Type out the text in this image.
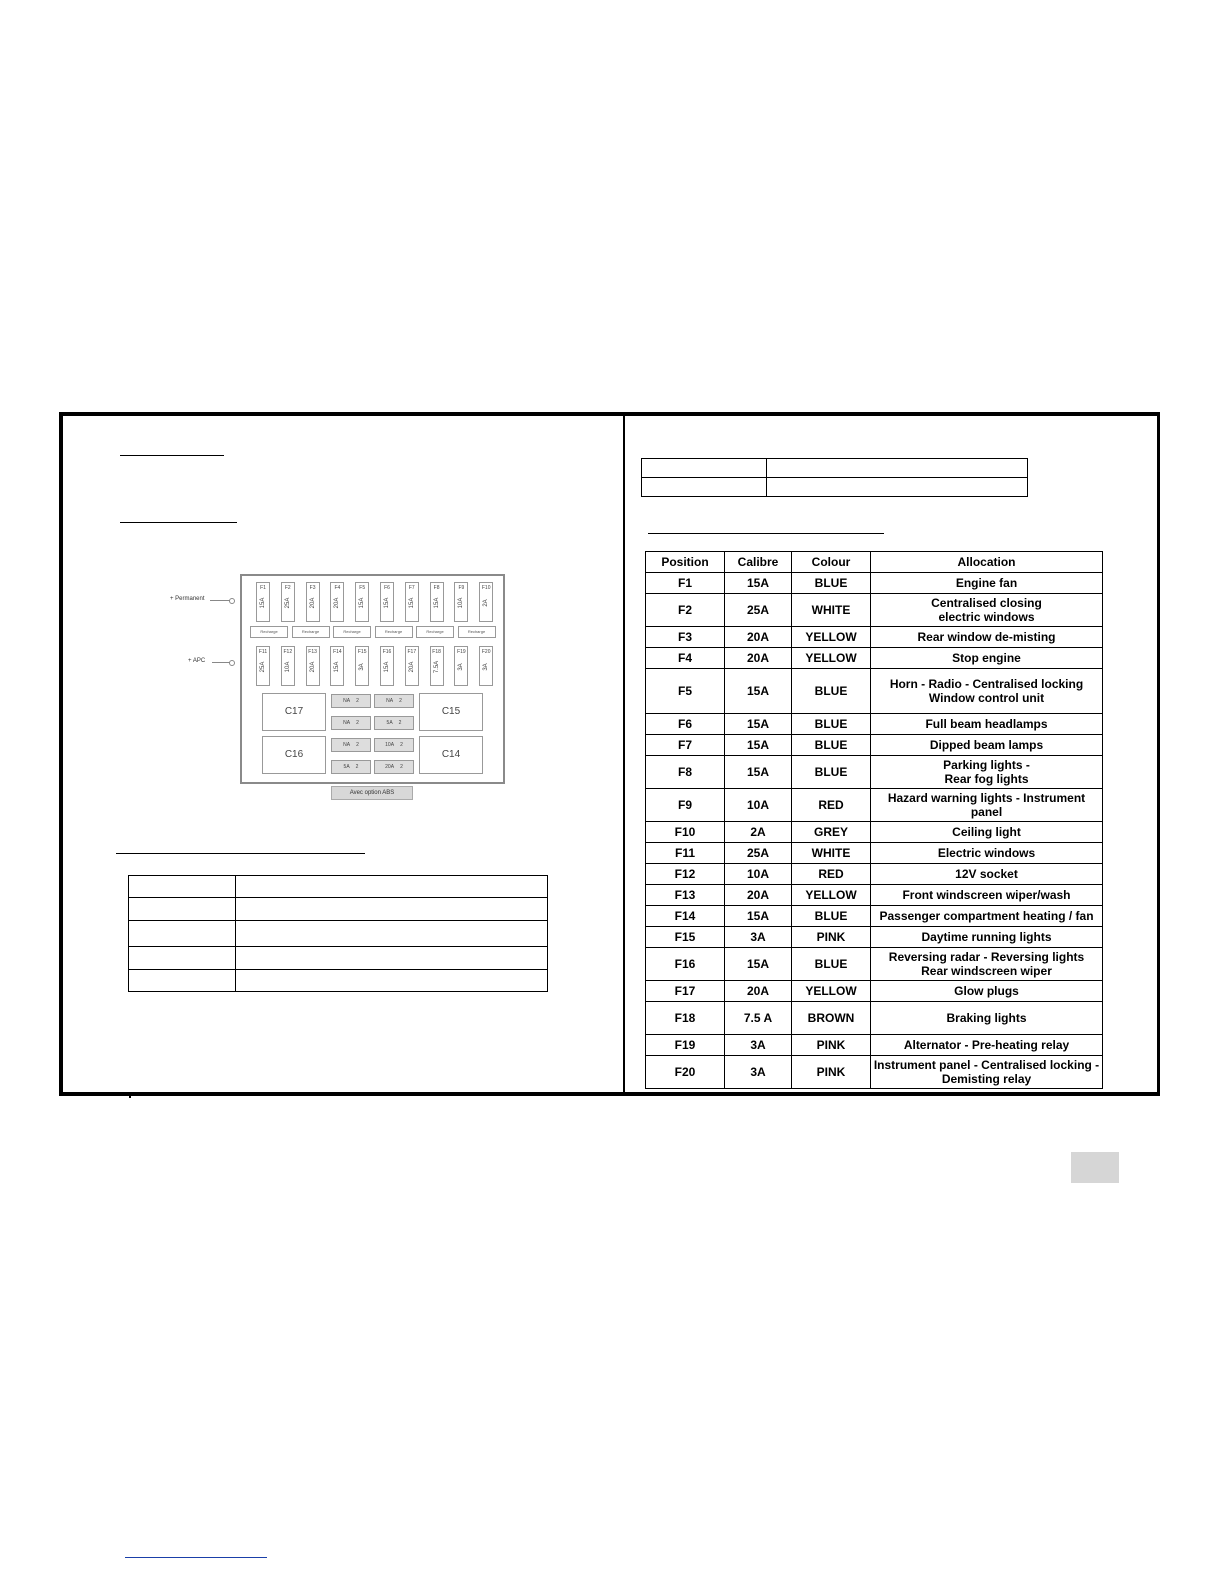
+ Permanent
+ APC
F1
15A
F2
25A
F3
20A
F4
20A
F5
15A
F6
15A
F7
15A
F8
15A
F9
10A
F10
2A
Recharge	Recharge	Recharge	Recharge	Recharge	Recharge
F11
25A
F12
10A
F13
20A
F14
15A
F15
3A
F16
15A
F17
20A
F18
7.5A
F19
3A
F20
3A
C17	C15
C16	C14
NA 2	NA 2
NA 2	5A 2
NA 2	10A 2
5A 2	20A 2
Avec option ABS

Position	Calibre	Colour	Allocation
F1	15A	BLUE	Engine fan
F2	25A	WHITE	Centralised closing
electric windows

F3	20A	YELLOW	Rear window de-misting
F4	20A	YELLOW	Stop engine
F5	15A	BLUE	Horn - Radio - Centralised locking
Window control unit

F6	15A	BLUE	Full beam headlamps
F7	15A	BLUE	Dipped beam lamps
F8	15A	BLUE	Parking lights -
Rear fog lights

F9	10A	RED	Hazard warning lights - Instrument
panel

F10	2A	GREY	Ceiling light
F11	25A	WHITE	Electric windows
F12	10A	RED	12V socket
F13	20A	YELLOW	Front windscreen wiper/wash
F14	15A	BLUE	Passenger compartment heating / fan
F15	3A	PINK	Daytime running lights
F16	15A	BLUE	Reversing radar - Reversing lights
Rear windscreen wiper

F17	20A	YELLOW	Glow plugs
F18	7.5 A	BROWN	Braking lights
F19	3A	PINK	Alternator - Pre-heating relay
F20	3A	PINK	Instrument panel - Centralised locking -
Demisting relay
